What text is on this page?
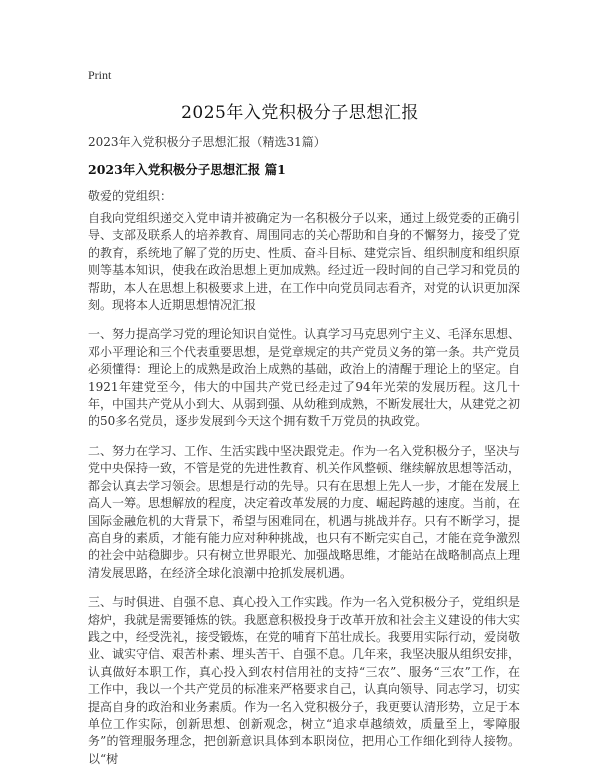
Print
2025年入党积极分子思想汇报
2023年入党积极分子思想汇报（精选31篇）
2023年入党积极分子思想汇报 篇1
敬爱的党组织：

自我向党组织递交入党申请并被确定为一名积极分子以来，通过上级党委的正确引导、支部及联系人的培养教育、周围同志的关心帮助和自身的不懈努力，接受了党的教育，系统地了解了党的历史、性质、奋斗目标、建党宗旨、组织制度和组织原则等基本知识，使我在政治思想上更加成熟。经过近一段时间的自己学习和党员的帮助，本人在思想上积极要求上进，在工作中向党员同志看齐，对党的认识更加深刻。现将本人近期思想情况汇报

一、努力提高学习党的理论知识自觉性。认真学习马克思列宁主义、毛泽东思想、邓小平理论和三个代表重要思想，是党章规定的共产党员义务的第一条。共产党员必须懂得：理论上的成熟是政治上成熟的基础，政治上的清醒于理论上的坚定。自1921年建党至今，伟大的中国共产党已经走过了94年光荣的发展历程。这几十年，中国共产党从小到大、从弱到强、从幼稚到成熟，不断发展壮大，从建党之初的50多名党员，逐步发展到今天这个拥有数千万党员的执政党。

二、努力在学习、工作、生活实践中坚决跟党走。作为一名入党积极分子，坚决与党中央保持一致，不管是党的先进性教育、机关作风整顿、继续解放思想等活动，都会认真去学习领会。思想是行动的先导。只有在思想上先人一步，才能在发展上高人一筹。思想解放的程度，决定着改革发展的力度、崛起跨越的速度。当前，在国际金融危机的大背景下，希望与困难同在，机遇与挑战并存。只有不断学习，提高自身的素质，才能有能力应对种种挑战，也只有不断完实自己，才能在竞争激烈的社会中站稳脚步。只有树立世界眼光、加强战略思维，才能站在战略制高点上理清发展思路，在经济全球化浪潮中抢抓发展机遇。

三、与时俱进、自强不息、真心投入工作实践。作为一名入党积极分子，党组织是熔炉，我就是需要锤炼的铁。我愿意积极投身于改革开放和社会主义建设的伟大实践之中，经受洗礼，接受锻炼，在党的哺育下茁壮成长。我要用实际行动，爱岗敬业、诚实守信、艰苦朴素、埋头苦干、自强不息。几年来，我坚决服从组织安排，认真做好本职工作，真心投入到农村信用社的支持“三农”、服务“三农”工作，在工作中，我以一个共产党员的标准来严格要求自己，认真向领导、同志学习，切实提高自身的政治和业务素质。作为一名入党积极分子，我更要认清形势，立足于本单位工作实际，创新思想、创新观念，树立“追求卓越绩效，质量至上，零障服务”的管理服务理念，把创新意识具体到本职岗位，把用心工作细化到待人接物。以“树
